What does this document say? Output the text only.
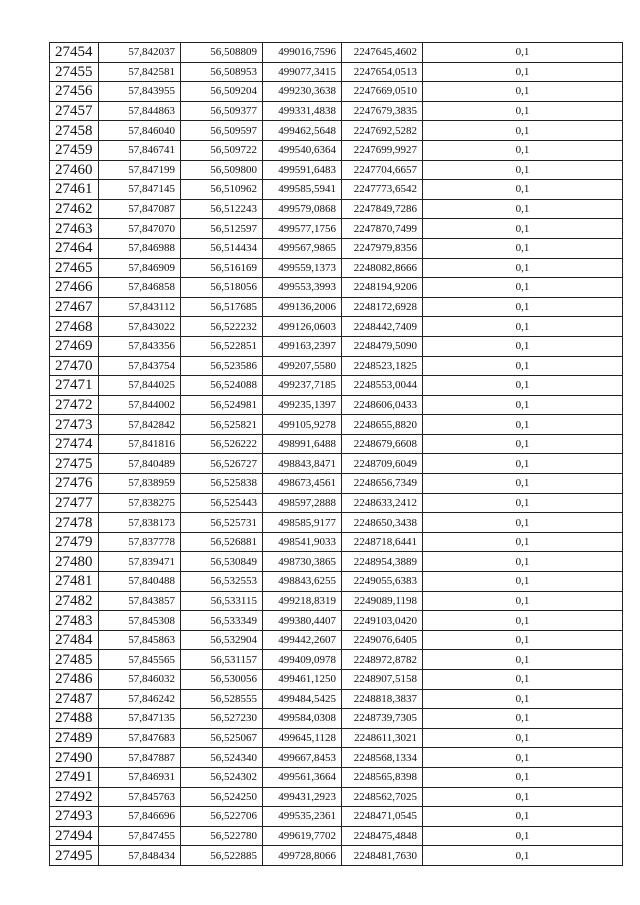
27454	57,842037	56,508809	499016,7596	2247645,4602	0,1
27455	57,842581	56,508953	499077,3415	2247654,0513	0,1
27456	57,843955	56,509204	499230,3638	2247669,0510	0,1
27457	57,844863	56,509377	499331,4838	2247679,3835	0,1
27458	57,846040	56,509597	499462,5648	2247692,5282	0,1
27459	57,846741	56,509722	499540,6364	2247699,9927	0,1
27460	57,847199	56,509800	499591,6483	2247704,6657	0,1
27461	57,847145	56,510962	499585,5941	2247773,6542	0,1
27462	57,847087	56,512243	499579,0868	2247849,7286	0,1
27463	57,847070	56,512597	499577,1756	2247870,7499	0,1
27464	57,846988	56,514434	499567,9865	2247979,8356	0,1
27465	57,846909	56,516169	499559,1373	2248082,8666	0,1
27466	57,846858	56,518056	499553,3993	2248194,9206	0,1
27467	57,843112	56,517685	499136,2006	2248172,6928	0,1
27468	57,843022	56,522232	499126,0603	2248442,7409	0,1
27469	57,843356	56,522851	499163,2397	2248479,5090	0,1
27470	57,843754	56,523586	499207,5580	2248523,1825	0,1
27471	57,844025	56,524088	499237,7185	2248553,0044	0,1
27472	57,844002	56,524981	499235,1397	2248606,0433	0,1
27473	57,842842	56,525821	499105,9278	2248655,8820	0,1
27474	57,841816	56,526222	498991,6488	2248679,6608	0,1
27475	57,840489	56,526727	498843,8471	2248709,6049	0,1
27476	57,838959	56,525838	498673,4561	2248656,7349	0,1
27477	57,838275	56,525443	498597,2888	2248633,2412	0,1
27478	57,838173	56,525731	498585,9177	2248650,3438	0,1
27479	57,837778	56,526881	498541,9033	2248718,6441	0,1
27480	57,839471	56,530849	498730,3865	2248954,3889	0,1
27481	57,840488	56,532553	498843,6255	2249055,6383	0,1
27482	57,843857	56,533115	499218,8319	2249089,1198	0,1
27483	57,845308	56,533349	499380,4407	2249103,0420	0,1
27484	57,845863	56,532904	499442,2607	2249076,6405	0,1
27485	57,845565	56,531157	499409,0978	2248972,8782	0,1
27486	57,846032	56,530056	499461,1250	2248907,5158	0,1
27487	57,846242	56,528555	499484,5425	2248818,3837	0,1
27488	57,847135	56,527230	499584,0308	2248739,7305	0,1
27489	57,847683	56,525067	499645,1128	2248611,3021	0,1
27490	57,847887	56,524340	499667,8453	2248568,1334	0,1
27491	57,846931	56,524302	499561,3664	2248565,8398	0,1
27492	57,845763	56,524250	499431,2923	2248562,7025	0,1
27493	57,846696	56,522706	499535,2361	2248471,0545	0,1
27494	57,847455	56,522780	499619,7702	2248475,4848	0,1
27495	57,848434	56,522885	499728,8066	2248481,7630	0,1
